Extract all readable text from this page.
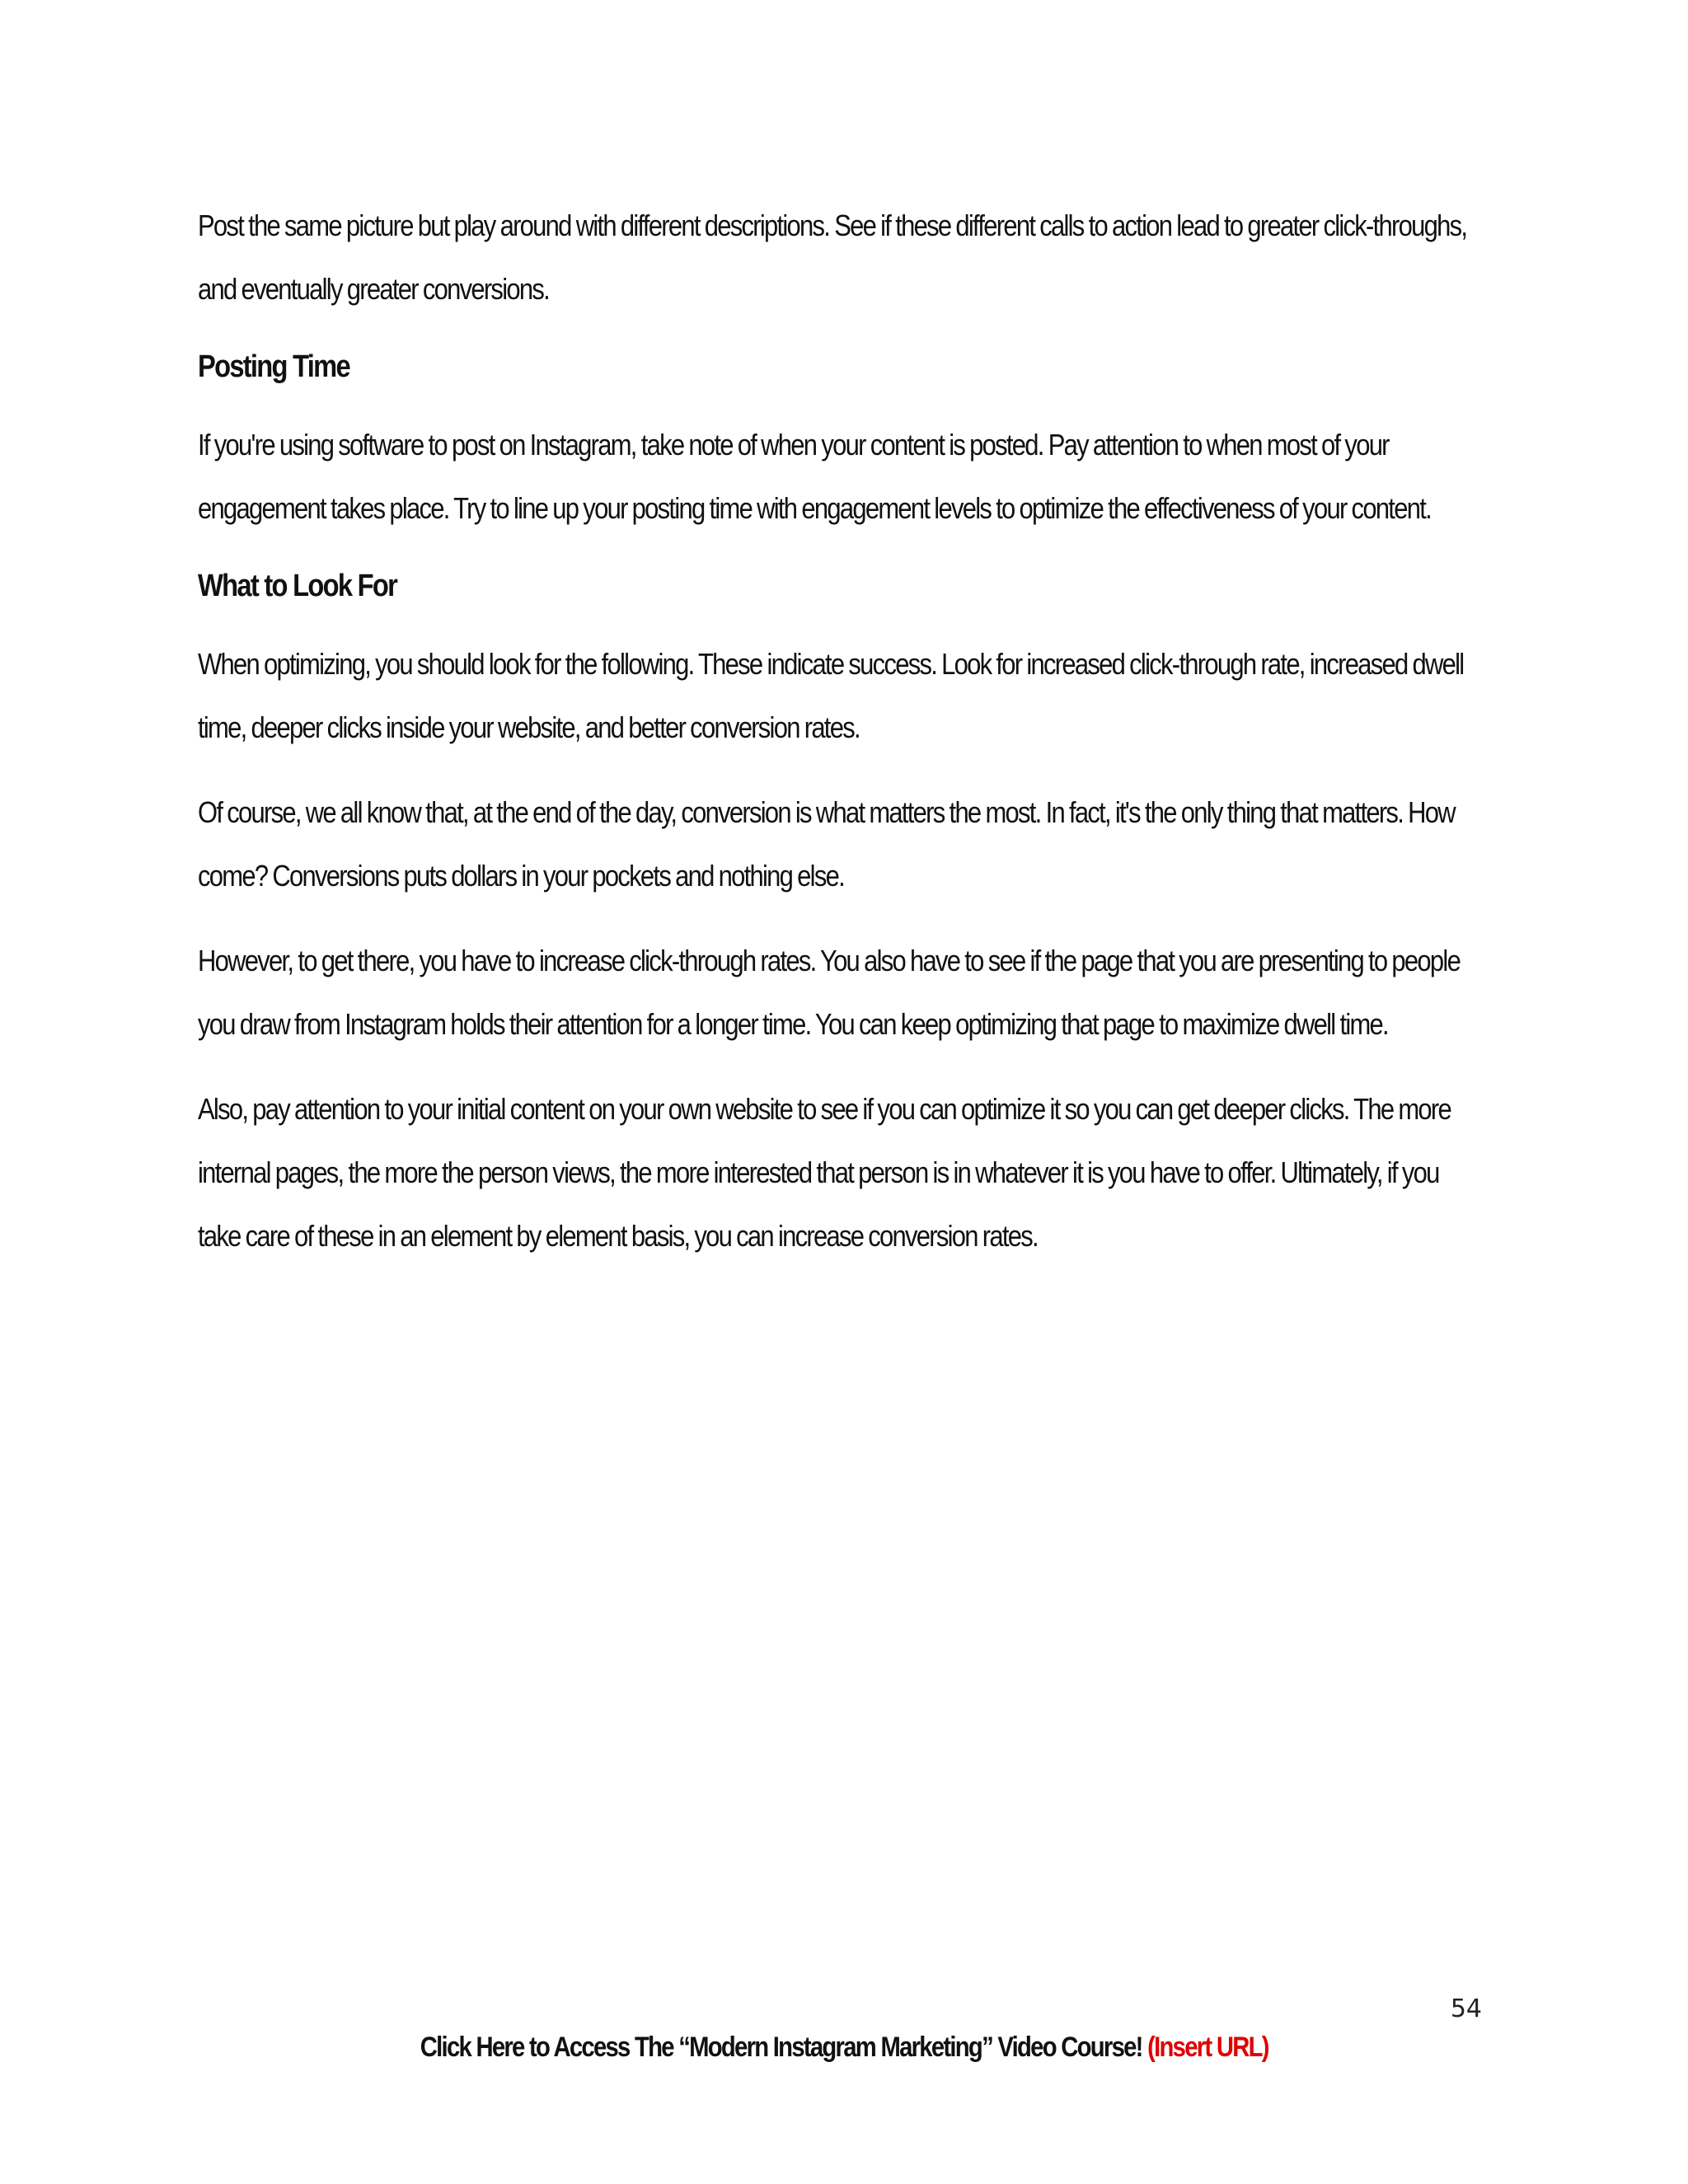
Post the same picture but play around with different descriptions. See if these different calls to action lead to greater click-throughs, and eventually greater conversions.

Posting Time

If you're using software to post on Instagram, take note of when your content is posted. Pay attention to when most of your engagement takes place. Try to line up your posting time with engagement levels to optimize the effectiveness of your content.

What to Look For

When optimizing, you should look for the following. These indicate success. Look for increased click-through rate, increased dwell time, deeper clicks inside your website, and better conversion rates.

Of course, we all know that, at the end of the day, conversion is what matters the most. In fact, it's the only thing that matters. How come? Conversions puts dollars in your pockets and nothing else.

However, to get there, you have to increase click-through rates. You also have to see if the page that you are presenting to people you draw from Instagram holds their attention for a longer time. You can keep optimizing that page to maximize dwell time.

Also, pay attention to your initial content on your own website to see if you can optimize it so you can get deeper clicks. The more internal pages, the more the person views, the more interested that person is in whatever it is you have to offer. Ultimately, if you take care of these in an element by element basis, you can increase conversion rates.

54
Click Here to Access The “Modern Instagram Marketing” Video Course! (Insert URL)
